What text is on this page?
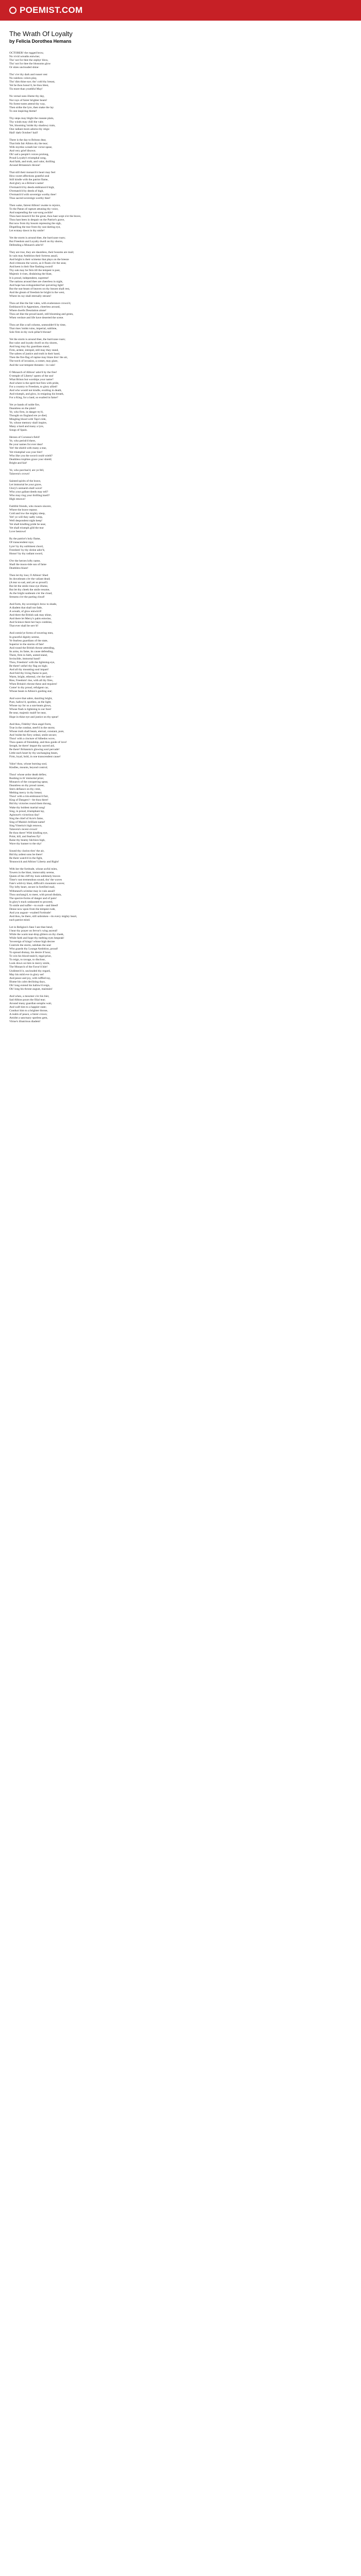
POEMIST.COM
The Wrath Of Loyalty
by Felicia Dorothea Hemans
OCTOBER! the rugged brow,
No vivid wreaths entwine;
Tho' not for thee the zephyr blow,
Tho' not for thee the blossoms glow
Or skies unclouded shine:
Tho' o'er thy dark and russet vest
No rainbow colors play,
Tho' dim thine eye; tho' cold thy breast,
Yet be thou honor'd, be thou blest,
Tis more than youthful May!
No vernal suns illume thy day,
Nor rays of fairer brighter beam!
No forest-notes attend thy way,
Then strike the lyre, then make the lay
To one inspiring theme!
Thy steps may blight the roseate plain,
Thy winds may chill the vale;
Yet, blooming 'midst thy shadowy train,
One radiant morn adorns thy reign:
Hail! dark October! hail!
There is the day to Britons dear,
That bids fair Albion dry the tear;
With myrtles wreath her victor-spear,
And very grief disown.
Oh! sad a people's voices prolong,
Proud Loyalty's triumphal song,
And faith, and truth, and valor, thrilling
Around Britannia's throne!
That still their monarch's heart may feel
How sweet affections grateful zeal
Still kindle with the patriot flame,
And glory as a Briton's name!
O'ermatch'd by deeds emblazon'd high,
O'ermatch'd by deeds of high,
O'ermatch'd with sovereign worthy thee!
Thus sacred sovereign worthy thee!
Then wake, fairest Albion! awake to rejoice,
To the Paean of rapture attuning thy voice,
And suspending the war-song awhile!
Thou hast mourn'd for the great, thou hast wept o'er the brave,
Thou hast been in despair on the Patriot's grave,
But now from thy bosom repressing the sigh,
Dispelling the tear from thy sun-darting eye,
Let ecstasy dawn in thy smile!
Yet the storm is around thee, the hurricane roars;
But Freedom and Loyalty dwell on thy shores,
Defending a Monarch ador'd!
They are true, they are dauntless, their bosoms are mail;
In vain may Ambition their fortress assail,
And bright is their scimetar that plays on the breeze
And crimsons the waves, as it floats o'er the seas;
And keen is their fine flashing sword!
Thy oak may be firm till the tempest is past,
Majestic it rises, disdaining the blast,
It is proud, independent, supreme!
The nations around thee are cheerless in night,
And hope has extinguished her quivering light!
But the sun-beam of heaven on thy bosom shall rest,
And the gleam of freedom be bright in the west,
Where its ray shall eternally stream!
Thou art like the fair vales, with exuberance crown'd,
Emblazon'd in Appenines, cheerless around,
Where dwells Desolation alone!
Thou art like the proud laurel, still blooming and green,
When verdure and life have deserted the scene.
Thou art like a tall column, unmoulder'd by time,
That rises 'midst ruins, imperial, sublime,
Sole firm in thy rock-pillar'd throne!
Yet the storm is around thee, the hurricane roars;
But valor and loyalty dwell on thy shores,
And long may thy guardians stand,
Firm, ardent, intrepid, still may they stand,
The sabres of justice and truth in their hand,
Then the fire-flag of rapine may blaze thro' the air,
The torch of invasion, a comet, may glare,
And the war-tempest threaten—in vain!
O Monarch of Albion! ador'd by the free!
O temple of Liberty! queen of the sea!
What Briton but worships your name?
And where is the spirit but fires with pride,
For a country to Freedom, to glory allied!
And who would not kindle, exulting in death,
And triumph, and glow, in resigning his breath,
For a King, for a land, so exalted in fame?
Yet ye bands of noble fire,
Dauntless on the plain!
Ye, who firm, in danger try'd,
Thought on England ere ye died,
Mingling blood with Tajo's tide,
Ye, whose memory shall inspire,
Many a bard and many a lyre,
Songs of Spain.
Heroes of Corunna's field!
Ye, who perish'd there,
Be your names for ever dear!
Yet! the shield with many a tear,
Yet triumphal was your bier!
Who like you the sword could wield?
Deathless trophies grace your shield;
Bright and fair!
Ye, who purchas'd, are ye fell,
Talavera's crown!
Sainted spirits of the brave,
Let immortal be your grave,
Glory's unmarsh shall wave!
Who your gallant deeds may tell?
Who may ring your thrilling knell?
High renown!
Faithful friends, who mourn sincere,
Where the brave repose;
Cold and low the mighty sleep,
Yet! ye will they sadly weep,
Well despondent night keep!
Yet shall kindling pride be near,
Yet shall triumph gild the tear
Love bestows!
By the patriot's holy flame,
Of transcendent rays;
Lyre! by thy sublimest chord,
Freedom! by thy shrine ador'd,
Honor! by thy radiant sword,
O'er the heroes lofty name,
Shall the moon-tide sun of fame
Deathless blaze!
Then let thy lour, O Albion! Shed
Its downbeam o'er the valiant dead;
(A tear so sad, and yet so proud!)
But let the smile rinse eye illume,
But let thy cheek the smile resume,
As the bright sunbeam o'er the cloud,
Streams o'er the parting cloud!
And form, thy sovereign's brow to shade,
A diadem that shall not fade,
A wreath, of glow entwin'd!
And there the British oak may shine,
And there let Mercy's palm entwine,
And Science there her bays combine,
That ever shall be serv'd!
And comin'ye forms of towering men,
In graceful dignity serene,
Ye fearless guardians of the state,
Superior to the storms of fate!
And round the British throne attending,
Its arms, its fame, its cause defending,
There, firm in faith, united stand,
Invincible, immortal band!
Thou, Freedom! with the lightning-eye,
Be there! unfurl thy flag on high;
And all thy mounting soul impart!
And fold thy living flame to part,
Warm, bright, ethereal, o'er the land—
Rise, Freedom! rise, with all thy fires,
When Britain's throne these and requires!
Come! in thy proud, refulgent car,
Whose beam is Albion's guiding star;
And wave that sabre, dazzling bright,
Pure, hallow'd, spotless, as the light;
Whose ray for us a sun-beam glows,
Whose flash is lightning to our foes!
Be near, majestic maid! be near,
Hope in thine eye and justice on thy spear!
And thou, Fidelity! thou angel form,
True in the combat, steel'd in the storm;
Whose truth shall beam, eternal, constant, pure,
And 'midst the fiery ordeal, smile secure;
Thou! with a cincture of Albedos wove,
Thou queen of friendship, and thou guide of love!
Seraph, be there! impart thy sacred aid,
Be there! Britannia's glowing soul pervade!
Little each heart by thy unchanging beam,
Firm, loyal, bold, in one transcendent cause!
Valor! thou, whose burning soul,
Kindles, mounts, beyond control;
Thou! whose ardor death defies;
Rushing to th' immortal prize;
Monarch of the conquering spear,
Dauntless on thy proud career,
Stern defiance on thy crest,
Melting mercy in thy breast;
Thou! with a rim-embrazon'd fair,
King of Dangers!—be thou there!
Bid thy victories round them throng,
Wake thy boldest martial song!
Sing, in proud, triumphant lay,
Aginourt's victorious day!
Sing the chief of Acre's fame,
Sing of Maida's brilliant name!
Sing Vimeira's high renown,
Talavera's recent crown!
Be thou there! With kindling eye,
Point, kill, and fearless fly!
Raise thy beamy falchion high,
Wave thy banner to the sky!
Sound thy clarion thro' the air,
Bid thy ardent sons be there!
Be there watch'd in the fight,
'Brunswick and Albion! Liberty and Right!
With her the fortitude, whose awful mien,
Towers in the blast, immovably serene,
Queen of the cliff thy look sublimely braves
Time's vast tremendous sound, tho' the waves
Fate's wild-try blast, difficult's mountain waves;
Thy lofty heart, secure in fortified mail,
Withstand's scimitar may in vain assail!
Thou unchang'd, to meet, with proud disdain,
The spectre-forms of danger and of pain!
In glory's track undaunted to proceed,
To smile and suffer—to exult—and bleed!
Dense now upon from the tempest rude,
And you august—exalted Fortitude!
And thou, be there, still unbroken—its every mighty heart,
each patriot mind.
Let in Religion's fane I see thee bend,
I hear thy prayer on fervor's wing ascend!
While the warm tear-drop glitters on thy cheek,
While faith and hope thy melting eyes bespeak!
'Sovereign of kings! whose high decree
Controls the storm, subdues the seal
Who guards thy Lounge Ambition, proud!
To spread dismay, his desire if hour,
To win his blood-stain'd, regal prize,
To reign, to ravage, to disclose,
Look down on him in mercy smile,
The Monarch of the Favor'd Isle!
Undimm'd it, unclouded thy regard,
May his mild eve in glory set!
And peace and joy, with ruffled ray,
Illume his calm declining days,
Oh! long extend his hallow'd reign,
Oh! long his throne august, maintain!
And when, a mourner o'er his bier,
Sad Albion pours the filial tear;
Around many guardian seraphs wait,
And waft him to a happier state;
Conduct him to a brighter throne,
A realm of peace, a fairer crown;
Amidst a sanctuary spotless gem,
Virtue's illustrious diadem!
